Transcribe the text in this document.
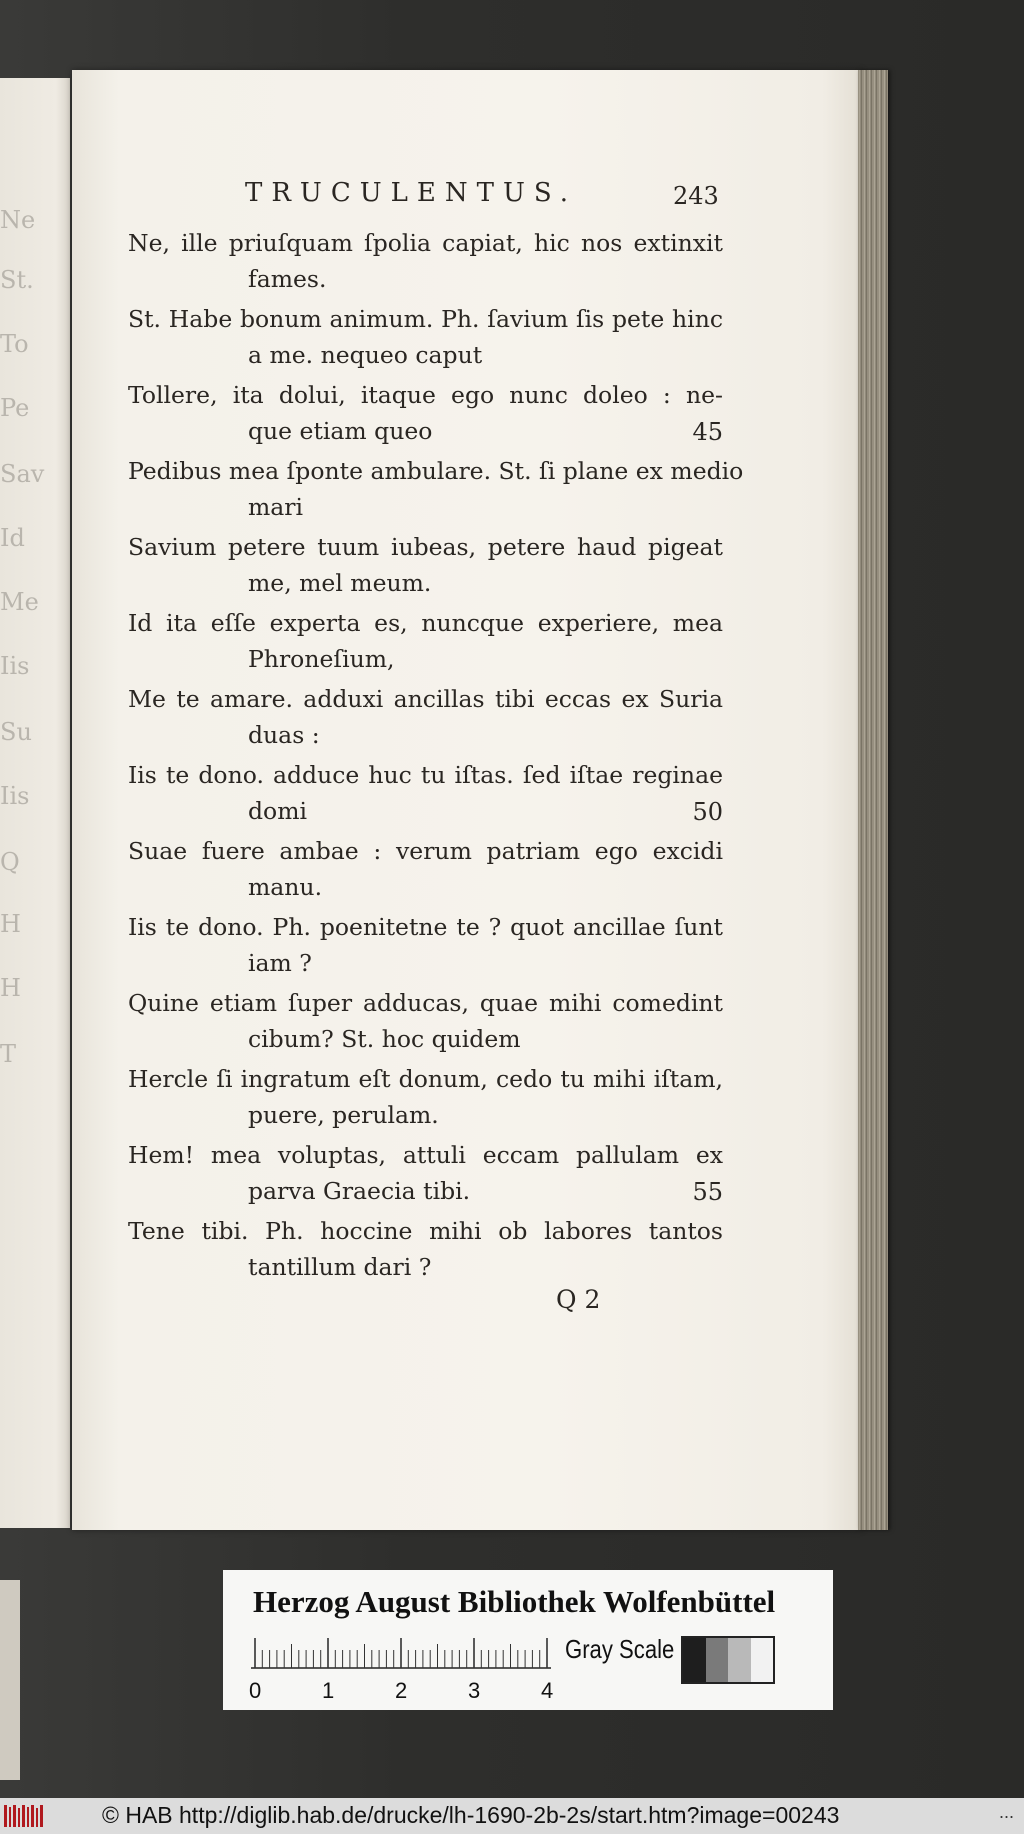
Ne
St.
To
Pe
Sav
Id
Me
Iis
Su
Iis
Q
H
H
T
TRUCULENTUS.	243
Ne, ille priuſquam ſpolia capiat, hic nos extinxit
fames.
St. Habe bonum animum. Ph. ſavium ſis pete hinc
a me. nequeo caput
Tollere, ita dolui, itaque ego nunc doleo : ne-
que etiam queo	45
Pedibus mea ſponte ambulare. St. ſi plane ex medio
mari
Savium petere tuum iubeas, petere haud pigeat
me, mel meum.
Id ita eſſe experta es, nuncque experiere, mea
Phroneſium,
Me te amare. adduxi ancillas tibi eccas ex Suria
duas :
Iis te dono. adduce huc tu iſtas. ſed iſtae reginae
domi	50
Suae fuere ambae : verum patriam ego excidi
manu.
Iis te dono. Ph. poenitetne te ? quot ancillae ſunt
iam ?
Quine etiam ſuper adducas, quae mihi comedint
cibum? St. hoc quidem
Hercle ſi ingratum eſt donum, cedo tu mihi iſtam,
puere, perulam.
Hem! mea voluptas, attuli eccam pallulam ex
parva Graecia tibi.	55
Tene tibi. Ph. hoccine mihi ob labores tantos
tantillum dari ?
Q 2
Herzog August Bibliothek Wolfenbüttel
0	1	2	3	4
Gray Scale
© HAB http://diglib.hab.de/drucke/lh-1690-2b-2s/start.htm?image=00243	...
